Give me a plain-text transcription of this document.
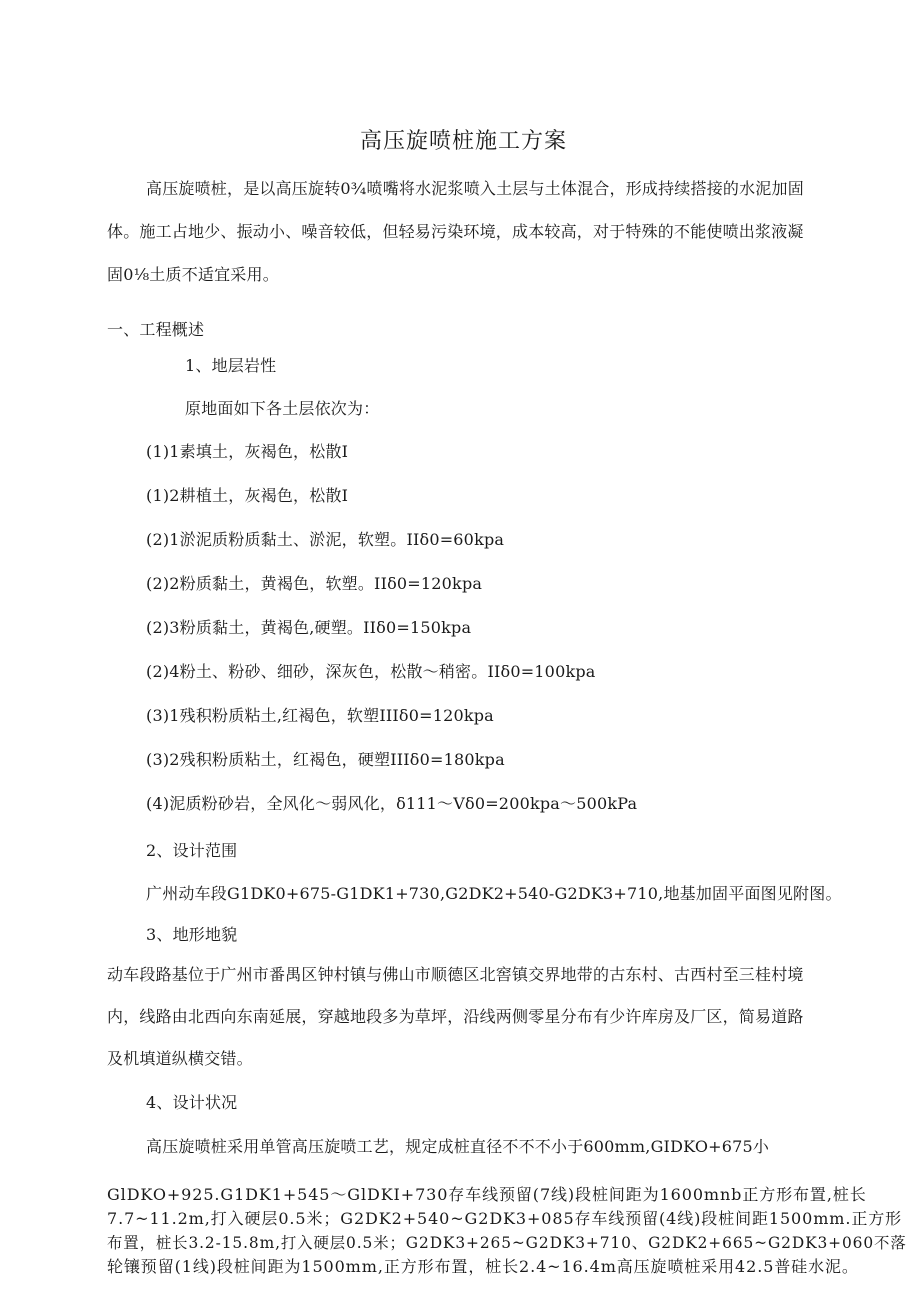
高压旋喷桩施工方案
高压旋喷桩，是以高压旋转0¾喷嘴将水泥浆喷入土层与土体混合，形成持续搭接的水泥加固
体。施工占地少、振动小、噪音较低，但轻易污染环境，成本较高，对于特殊的不能使喷出浆液凝
固0⅛土质不适宜采用。
一、工程概述
1、地层岩性
原地面如下各土层依次为：
(1)1素填土，灰褐色，松散I
(1)2耕植土，灰褐色，松散I
(2)1淤泥质粉质黏土、淤泥，软塑。IIδ0=60kpa
(2)2粉质黏土，黄褐色，软塑。IIδ0=120kpa
(2)3粉质黏土，黄褐色,硬塑。IIδ0=150kpa
(2)4粉土、粉砂、细砂，深灰色，松散～稍密。IIδ0=100kpa
(3)1残积粉质粘土,红褐色，软塑IIIδ0=120kpa
(3)2残积粉质粘土，红褐色，硬塑IIIδ0=180kpa
(4)泥质粉砂岩，全风化～弱风化，δ111～Vδ0=200kpa～500kPa
2、设计范围
广州动车段G1DK0+675-G1DK1+730,G2DK2+540-G2DK3+710,地基加固平面图见附图。
3、地形地貌
动车段路基位于广州市番禺区钟村镇与佛山市顺德区北窖镇交界地带的古东村、古西村至三桂村境
内，线路由北西向东南延展，穿越地段多为草坪，沿线两侧零星分布有少许库房及厂区，简易道路
及机填道纵横交错。
4、设计状况
高压旋喷桩采用单管高压旋喷工艺，规定成桩直径不不不小于600mm,GIDKO+675小
GlDKO+925.G1DK1+545～GlDKI+730存车线预留(7线)段桩间距为1600mnb正方形布置,桩长
7.7~11.2m,打入硬层0.5米；G2DK2+540~G2DK3+085存车线预留(4线)段桩间距1500mm.正方形
布置，桩长3.2-15.8m,打入硬层0.5米；G2DK3+265~G2DK3+710、G2DK2+665~G2DK3+060不落
轮镶预留(1线)段桩间距为1500mm,正方形布置，桩长2.4~16.4m高压旋喷桩采用42.5普硅水泥。
